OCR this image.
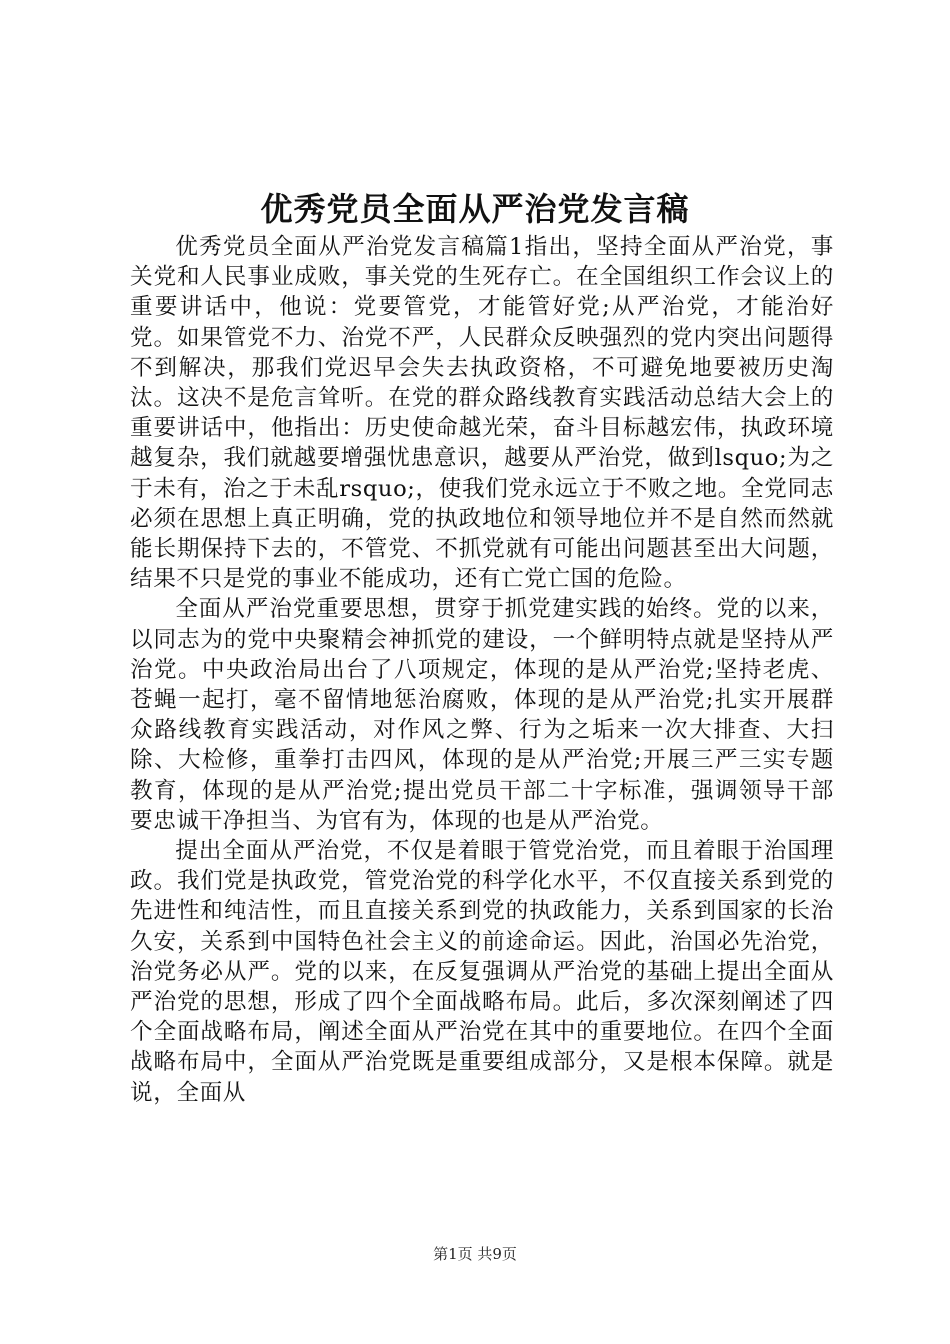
优秀党员全面从严治党发言稿

优秀党员全面从严治党发言稿篇1指出，坚持全面从严治党，事关党和人民事业成败，事关党的生死存亡。在全国组织工作会议上的重要讲话中，他说：党要管党，才能管好党;从严治党，才能治好党。如果管党不力、治党不严，人民群众反映强烈的党内突出问题得不到解决，那我们党迟早会失去执政资格，不可避免地要被历史淘汰。这决不是危言耸听。在党的群众路线教育实践活动总结大会上的重要讲话中，他指出：历史使命越光荣，奋斗目标越宏伟，执政环境越复杂，我们就越要增强忧患意识，越要从严治党，做到lsquo;为之于未有，治之于未乱rsquo;，使我们党永远立于不败之地。全党同志必须在思想上真正明确，党的执政地位和领导地位并不是自然而然就能长期保持下去的，不管党、不抓党就有可能出问题甚至出大问题，结果不只是党的事业不能成功，还有亡党亡国的危险。

全面从严治党重要思想，贯穿于抓党建实践的始终。党的以来，以同志为的党中央聚精会神抓党的建设，一个鲜明特点就是坚持从严治党。中央政治局出台了八项规定，体现的是从严治党;坚持老虎、苍蝇一起打，毫不留情地惩治腐败，体现的是从严治党;扎实开展群众路线教育实践活动，对作风之弊、行为之垢来一次大排查、大扫除、大检修，重拳打击四风，体现的是从严治党;开展三严三实专题教育，体现的是从严治党;提出党员干部二十字标准，强调领导干部要忠诚干净担当、为官有为，体现的也是从严治党。

提出全面从严治党，不仅是着眼于管党治党，而且着眼于治国理政。我们党是执政党，管党治党的科学化水平，不仅直接关系到党的先进性和纯洁性，而且直接关系到党的执政能力，关系到国家的长治久安，关系到中国特色社会主义的前途命运。因此，治国必先治党，治党务必从严。党的以来，在反复强调从严治党的基础上提出全面从严治党的思想，形成了四个全面战略布局。此后，多次深刻阐述了四个全面战略布局，阐述全面从严治党在其中的重要地位。在四个全面战略布局中，全面从严治党既是重要组成部分，又是根本保障。就是说，全面从

第1页 共9页
